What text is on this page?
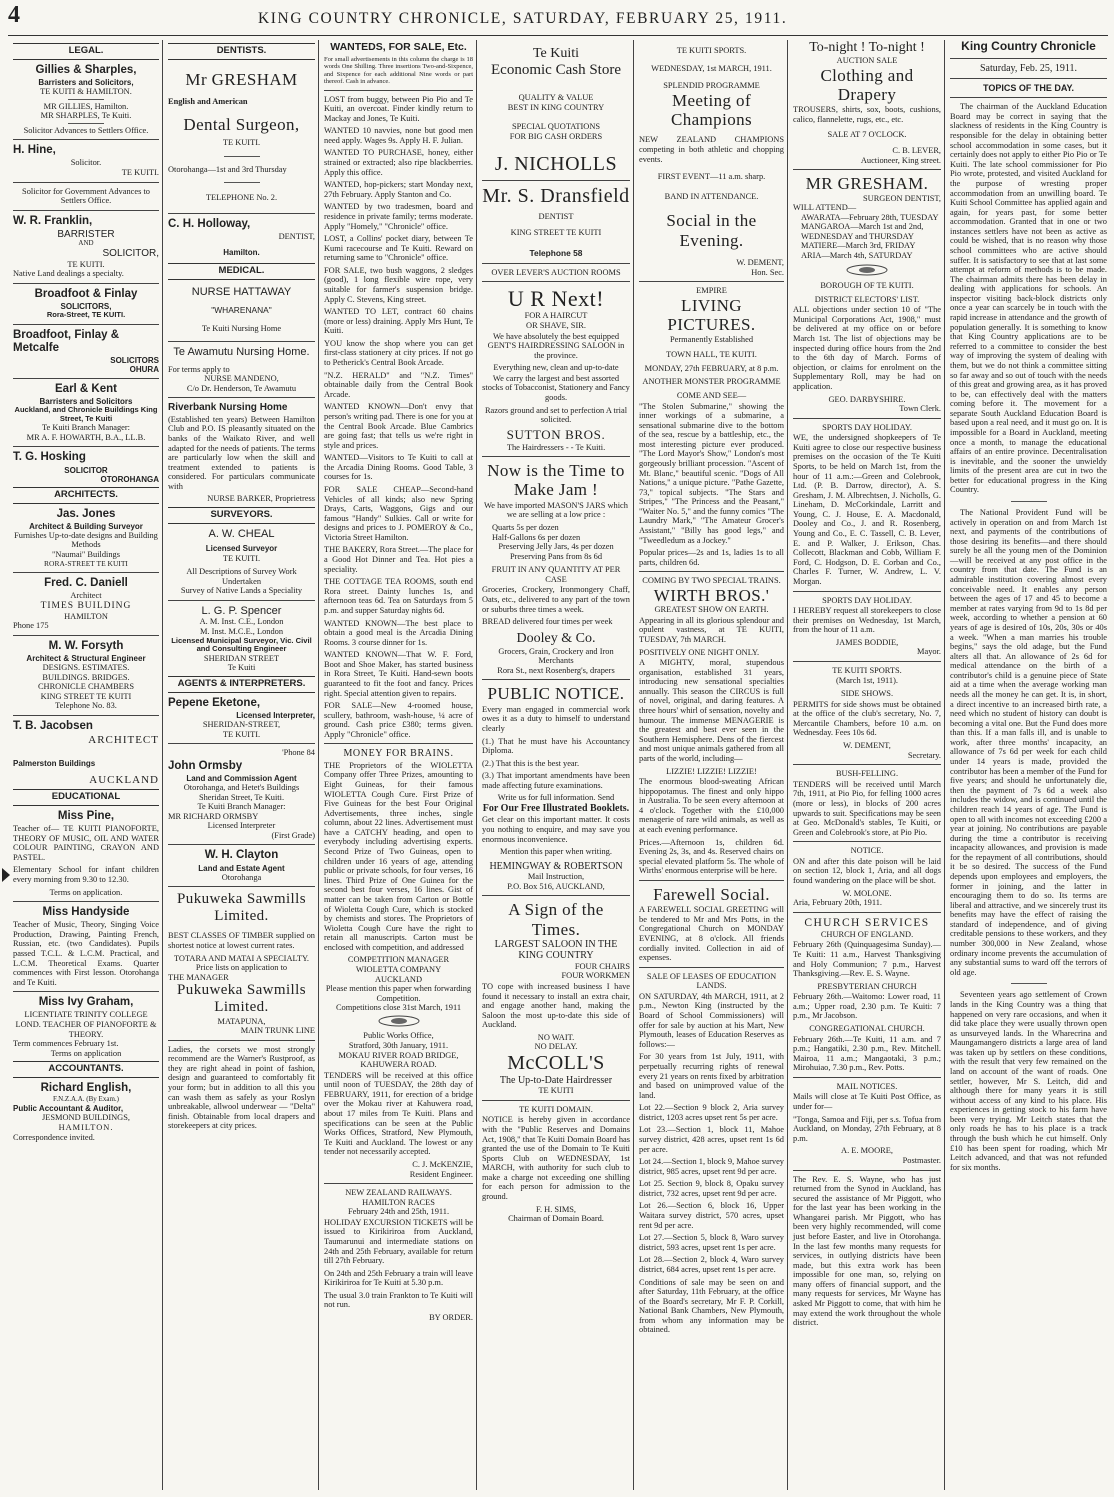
4	KING COUNTRY CHRONICLE, SATURDAY, FEBRUARY 25, 1911.
LEGAL.
Gillies & Sharples,
Barristers and Solicitors,
TE KUITI & HAMILTON.
MR GILLIES, Hamilton.
MR SHARPLES, Te Kuiti.
Solicitor Advances to Settlers Office.
H. Hine,
Solicitor.
TE KUITI.
Solicitor for Government Advances to Settlers Office.
W. R. Franklin,
BARRISTER
AND
SOLICITOR,
TE KUITI.
Native Land dealings a specialty.
Broadfoot & Finlay
SOLICITORS,
Rora-Street, TE KUITI.
Broadfoot, Finlay & Metcalfe
SOLICITORS
OHURA
Earl & Kent
Barristers and Solicitors
Auckland, and Chronicle Buildings King Street, Te Kuiti
Te Kuiti Branch Manager:
MR A. F. HOWARTH, B.A., LL.B.
T. G. Hosking
SOLICITOR
OTOROHANGA
ARCHITECTS.
Jas. Jones
Architect & Building Surveyor
Furnishes Up-to-date designs and Building Methods
"Naumai" Buildings
RORA-STREET TE KUITI
Fred. C. Daniell
Architect
TIMES BUILDING
HAMILTON
Phone 175
M. W. Forsyth
Architect & Structural Engineer
DESIGNS. ESTIMATES.
BUILDINGS. BRIDGES.
CHRONICLE CHAMBERS
KING STREET TE KUITI
Telephone No. 83.
T. B. Jacobsen
ARCHITECT
Palmerston Buildings
AUCKLAND
EDUCATIONAL
Miss Pine,

Teacher of— TE KUITI PIANOFORTE, THEORY OF MUSIC, OIL AND WATER COLOUR PAINTING, CRAYON AND PASTEL.

Elementary School for infant children every morning from 9.30 to 12.30.

Terms on application.
Miss Handyside

Teacher of Music, Theory, Singing Voice Production, Drawing, Painting French, Russian, etc. (two Candidates). Pupils passed T.C.L. & L.C.M. Practical, and L.C.M. Theoretical Exams. Quarter commences with First lesson. Otorohanga and Te Kuiti.

Miss Ivy Graham,
LICENTIATE TRINITY COLLEGE LOND. TEACHER OF PIANOFORTE & THEORY.
Term commences February 1st.
Terms on application
ACCOUNTANTS.
Richard English,
F.N.Z.A.A. (By Exam.)
Public Accountant & Auditor,
JESMOND BUILDINGS,
HAMILTON.
Correspondence invited.
DENTISTS.
Mr GRESHAM
English and American
Dental Surgeon,
TE KUITI.
Otorohanga—1st and 3rd Thursday
TELEPHONE No. 2.
C. H. Holloway,
DENTIST,
Hamilton.
MEDICAL.
NURSE HATTAWAY
"WHARENANA"
Te Kuiti Nursing Home
Te Awamutu Nursing Home.
For terms apply to
NURSE MANDENO,
C/o Dr. Henderson, Te Awamutu
Riverbank Nursing Home

(Established ten years) Between Hamilton Club and P.O. IS pleasantly situated on the banks of the Waikato River, and well adapted for the needs of patients. The terms are particularly low when the skill and treatment extended to patients is considered. For particulars communicate with

NURSE BARKER, Proprietress
SURVEYORS.
A. W. CHEAL
Licensed Surveyor
TE KUITI.
All Descriptions of Survey Work Undertaken
Survey of Native Lands a Speciality
L. G. P. Spencer
A. M. Inst. C.E., London
M. Inst. M.C.E., London
Licensed Municipal Surveyor, Vic. Civil and Consulting Engineer
SHERIDAN STREET
Te Kuiti
AGENTS & INTERPRETERS.
Pepene Eketone,
Licensed Interpreter,
SHERIDAN-STREET,
TE KUITI.
'Phone 84
John Ormsby
Land and Commission Agent
Otorohanga, and Hetet's Buildings Sheridan Street, Te Kuiti.
Te Kuiti Branch Manager:
MR RICHARD ORMSBY
Licensed Interpreter
(First Grade)
W. H. Clayton
Land and Estate Agent
Otorohanga
Pukuweka Sawmills Limited.

BEST CLASSES OF TIMBER supplied on shortest notice at lowest current rates.

TOTARA AND MATAI A SPECIALTY.
Price lists on application to
THE MANAGER
Pukuweka Sawmills Limited.
MATAPUNA,
MAIN TRUNK LINE

Ladies, the corsets we most strongly recommend are the Warner's Rustproof, as they are right ahead in point of fashion, design and guaranteed to comfortably fit your form; but in addition to all this you can wash them as safely as your Roslyn unbreakable, allwool underwear — "Delta" finish. Obtainable from local drapers and storekeepers at city prices.

WANTEDS, FOR SALE, Etc.

For small advertisements in this column the charge is 18 words One Shilling. Three insertions Two-and-Sixpence, and Sixpence for each additional Nine words or part thereof. Cash in advance.

LOST from buggy, between Pio Pio and Te Kuiti, an overcoat. Finder kindly return to Mackay and Jones, Te Kuiti.

WANTED 10 navvies, none but good men need apply. Wages 9s. Apply H. F. Julian.

WANTED TO PURCHASE, honey, either strained or extracted; also ripe blackberries. Apply this office.

WANTED, hop-pickers; start Monday next, 27th February. Apply Stanton and Co.

WANTED by two tradesmen, board and residence in private family; terms moderate. Apply "Homely," "Chronicle" office.

LOST, a Collins' pocket diary, between Te Kumi racecourse and Te Kuiti. Reward on returning same to "Chronicle" office.

FOR SALE, two bush waggons, 2 sledges (good), 1 long flexible wire rope, very suitable for farmer's suspension bridge. Apply C. Stevens, King street.

WANTED TO LET, contract 60 chains (more or less) draining. Apply Mrs Hunt, Te Kuiti.

YOU know the shop where you can get first-class stationery at city prices. If not go to Petherick's Central Book Arcade.

"N.Z. HERALD" and "N.Z. Times" obtainable daily from the Central Book Arcade.

WANTED KNOWN—Don't envy that person's writing pad. There is one for you at the Central Book Arcade. Blue Cambrics are going fast; that tells us we're right in style and prices.

WANTED—Visitors to Te Kuiti to call at the Arcadia Dining Rooms. Good Table, 3 courses for 1s.

FOR SALE CHEAP—Second-hand Vehicles of all kinds; also new Spring Drays, Carts, Waggons, Gigs and our famous "Handy" Sulkies. Call or write for designs and prices to J. POMEROY & Co., Victoria Street Hamilton.

THE BAKERY, Rora Street.—The place for a Good Hot Dinner and Tea. Hot pies a speciality.

THE COTTAGE TEA ROOMS, south end Rora street. Dainty lunches 1s, and afternoon teas 6d. Tea on Saturdays from 5 p.m. and supper Saturday nights 6d.

WANTED KNOWN—The best place to obtain a good meal is the Arcadia Dining Rooms. 3 course dinner for 1s.

WANTED KNOWN—That W. F. Ford, Boot and Shoe Maker, has started business in Rora Street, Te Kuiti. Hand-sewn boots guaranteed to fit the foot and fancy. Prices right. Special attention given to repairs.

FOR SALE—New 4-roomed house, scullery, bathroom, wash-house, ¼ acre of ground. Cash price £380; terms given. Apply "Chronicle" office.

MONEY FOR BRAINS.

THE Proprietors of the WIOLETTA Company offer Three Prizes, amounting to Eight Guineas, for their famous WIOLETTA Cough Cure. First Prize of Five Guineas for the best Four Original Advertisements, three inches, single column, about 22 lines. Advertisement must have a CATCHY heading, and open to everybody including advertising experts. Second Prize of Two Guineas, open to children under 16 years of age, attending public or private schools, for four verses, 16 lines. Third Prize of One Guinea for the second best four verses, 16 lines. Gist of matter can be taken from Carton or Bottle of Wioletta Cough Cure, which is stocked by chemists and stores. The Proprietors of Wioletta Cough Cure have the right to retain all manuscripts. Carton must be enclosed with competition, and addressed

COMPETITION MANAGER
WIOLETTA COMPANY
AUCKLAND
Please mention this paper when forwarding Competition.
Competitions close 31st March, 1911
Public Works Office,
Stratford, 30th January, 1911.
MOKAU RIVER ROAD BRIDGE, KAHUWERA ROAD.

TENDERS will be received at this office until noon of TUESDAY, the 28th day of FEBRUARY, 1911, for erection of a bridge over the Mokau river at Kahuwera road, about 17 miles from Te Kuiti. Plans and specifications can be seen at the Public Works Offices, Stratford, New Plymouth, Te Kuiti and Auckland. The lowest or any tender not necessarily accepted.

C. J. McKENZIE,
Resident Engineer.
NEW ZEALAND RAILWAYS.
HAMILTON RACES
February 24th and 25th, 1911.

HOLIDAY EXCURSION TICKETS will be issued to Kirikiriroa from Auckland, Taumarunui and intermediate stations on 24th and 25th February, available for return till 27th February.

On 24th and 25th February a train will leave Kirikiriroa for Te Kuiti at 5.30 p.m.

The usual 3.0 train Frankton to Te Kuiti will not run.

BY ORDER.
Te Kuiti
Economic Cash Store
QUALITY & VALUE
BEST IN KING COUNTRY
SPECIAL QUOTATIONS
FOR BIG CASH ORDERS
J. NICHOLLS
Mr. S. Dransfield
DENTIST
KING STREET TE KUITI
Telephone 58
OVER LEVER'S AUCTION ROOMS
U R Next!
FOR A HAIRCUT
OR SHAVE, SIR.

We have absolutely the best equipped GENT'S HAIRDRESSING SALOON in the province.

Everything new, clean and up-to-date

We carry the largest and best assorted stocks of Tobacconist, Stationery and Fancy goods.

Razors ground and set to perfection A trial solicited.

SUTTON BROS.
The Hairdressers - - Te Kuiti.
Now is the Time to Make Jam !

We have imported MASON'S JARS which we are selling at a low price :

Quarts 5s per dozen
Half-Gallons 6s per dozen
Preserving Jelly Jars, 4s per dozen
Preserving Pans from 8s 6d
FRUIT IN ANY QUANTITY AT PER CASE

Groceries, Crockery, Ironmongery Chaff, Oats, etc., delivered to any part of the town or suburbs three times a week.

BREAD delivered four times per week
Dooley & Co.
Grocers, Grain, Crockery and Iron Merchants
Rora St., next Rosenberg's, drapers
PUBLIC NOTICE.

Every man engaged in commercial work owes it as a duty to himself to understand clearly

(1.) That he must have his Accountancy Diploma.

(2.) That this is the best year.

(3.) That important amendments have been made affecting future examinations.

Write us for full information. Send
For Our Free Illustrated Booklets.

Get clear on this important matter. It costs you nothing to enquire, and may save you enormous inconvenience.

Mention this paper when writing.
HEMINGWAY & ROBERTSON
Mail Instruction,
P.O. Box 516, AUCKLAND,
A Sign of the Times.
LARGEST SALOON IN THE KING COUNTRY
FOUR CHAIRS
FOUR WORKMEN

TO cope with increased business I have found it necessary to install an extra chair, and engage another hand, making the Saloon the most up-to-date this side of Auckland.

NO WAIT.
NO DELAY.
McCOLL'S
The Up-to-Date Hairdresser
TE KUITI
TE KUITI DOMAIN.

NOTICE is hereby given in accordance with the "Public Reserves and Domains Act, 1908," that Te Kuiti Domain Board has granted the use of the Domain to Te Kuiti Sports Club on WEDNESDAY, 1st MARCH, with authority for such club to make a charge not exceeding one shilling for each person for admission to the ground.

F. H. SIMS,
Chairman of Domain Board.
TE KUITI SPORTS.
WEDNESDAY, 1st MARCH, 1911.
SPLENDID PROGRAMME
Meeting of Champions

NEW ZEALAND CHAMPIONS competing in both athletic and chopping events.

FIRST EVENT—11 a.m. sharp.
BAND IN ATTENDANCE.
Social in the Evening.
W. DEMENT,
Hon. Sec.
EMPIRE
LIVING PICTURES.
Permanently Established
TOWN HALL, TE KUITI.
MONDAY, 27th FEBRUARY, at 8 p.m.
ANOTHER MONSTER PROGRAMME
COME AND SEE—

"The Stolen Submarine," showing the inner workings of a submarine, a sensational submarine dive to the bottom of the sea, rescue by a battleship, etc., the most interesting picture ever produced. "The Lord Mayor's Show," London's most gorgeously brilliant procession. "Ascent of Mt. Blanc," beautiful scenic. "Dogs of All Nations," a unique picture. "Pathe Gazette, 73," topical subjects. "The Stars and Stripes," "The Princess and the Peasant," "Waiter No. 5," and the funny comics "The Laundry Mark," "The Amateur Grocer's Assistant," "Billy has good legs," and "Tweedledum as a Jockey."

Popular prices—2s and 1s, ladies 1s to all parts, children 6d.

COMING BY TWO SPECIAL TRAINS.
WIRTH BROS.'
GREATEST SHOW ON EARTH.

Appearing in all its glorious splendour and opulent vastness, at TE KUITI, TUESDAY, 7th MARCH.

POSITIVELY ONE NIGHT ONLY.

A MIGHTY, moral, stupendous organisation, established 31 years, introducing new sensational specialties annually. This season the CIRCUS is full of novel, original, and daring features. A three hours' whirl of sensation, novelty and humour. The immense MENAGERIE is the greatest and best ever seen in the Southern Hemisphere. Dens of the fiercest and most unique animals gathered from all parts of the world, including—

LIZZIE! LIZZIE! LIZZIE!

The enormous blood-sweating African hippopotamus. The finest and only hippo in Australia. To be seen every afternoon at 4 o'clock. Together with the £10,000 menagerie of rare wild animals, as well as at each evening performance.

Prices.—Afternoon 1s, children 6d. Evening 2s, 3s, and 4s. Reserved chairs on special elevated platform 5s. The whole of Wirths' enormous enterprise will be here.

Farewell Social.

A FAREWELL SOCIAL GREETING will be tendered to Mr and Mrs Potts, in the Congregational Church on MONDAY EVENING, at 8 o'clock. All friends cordially invited. Collection in aid of expenses.

SALE OF LEASES OF EDUCATION LANDS.

ON SATURDAY, 4th MARCH, 1911, at 2 p.m., Newton King (instructed by the Board of School Commissioners) will offer for sale by auction at his Mart, New Plymouth, leases of Education Reserves as follows:—

For 30 years from 1st July, 1911, with perpetually recurring rights of renewal every 21 years on rents fixed by arbitration and based on unimproved value of the land.

Lot 22.—Section 9 block 2, Aria survey district, 1203 acres upset rent 5s per acre.

Lot 23.—Section 1, block 11, Mahoe survey district, 428 acres, upset rent 1s 6d per acre.

Lot 24.—Section 1, block 9, Mahoe survey district, 985 acres, upset rent 9d per acre.

Lot 25. Section 9, block 8, Opaku survey district, 732 acres, upset rent 9d per acre.

Lot 26.—Section 6, block 16, Upper Waitara survey district, 570 acres, upset rent 9d per acre.

Lot 27.—Section 5, block 8, Waro survey district, 593 acres, upset rent 1s per acre.

Lot 28.—Section 2, block 4, Waro survey district, 684 acres, upset rent 1s per acre.

Conditions of sale may be seen on and after Saturday, 11th February, at the office of the Board's secretary, Mr F. P. Corkill, National Bank Chambers, New Plymouth, from whom any information may be obtained.

To-night ! To-night !
AUCTION SALE
Clothing and Drapery

TROUSERS, shirts, sox, boots, cushions, calico, flannelette, rugs, etc., etc.

SALE AT 7 O'CLOCK.
C. B. LEVER,
Auctioneer, King street.
MR GRESHAM.
SURGEON DENTIST,
WILL ATTEND—
AWARATA—February 28th, TUESDAY
MANGAROA—March 1st and 2nd, WEDNESDAY and THURSDAY
MATIERE—March 3rd, FRIDAY
ARIA—March 4th, SATURDAY
BOROUGH OF TE KUITI.
DISTRICT ELECTORS' LIST.

ALL objections under section 10 of "The Municipal Corporations Act, 1908," must be delivered at my office on or before March 1st. The list of objections may be inspected during office hours from the 2nd to the 6th day of March. Forms of objection, or claims for enrolment on the Supplementary Roll, may be had on application.

GEO. DARBYSHIRE.
Town Clerk.
SPORTS DAY HOLIDAY.

WE, the undersigned shopkeepers of Te Kuiti agree to close our respective business premises on the occasion of the Te Kuiti Sports, to be held on March 1st, from the hour of 11 a.m.:—Green and Colebrook, Ltd. (P. B. Darrow, director), A. S. Gresham, J. M. Albrechtsen, J. Nicholls, G. Lineham, D. McCorkindale, Larritt and Young, C. J. House, E. A. Macdonald, Dooley and Co., J. and R. Rosenberg, Young and Co., E. C. Tassell, C. B. Lever, E. and P. Walker, J. Erikson, Chas. Collecott, Blackman and Cobb, William F. Ford, C. Hodgson, D. E. Corban and Co., Charles F. Turner, W. Andrew, L. V. Morgan.

SPORTS DAY HOLIDAY.

I HEREBY request all storekeepers to close their premises on Wednesday, 1st March, from the hour of 11 a.m.

JAMES BODDIE,
Mayor.
TE KUITI SPORTS.
(March 1st, 1911).
SIDE SHOWS.

PERMITS for side shows must be obtained at the office of the club's secretary, No. 7, Mercantile Chambers, before 10 a.m. on Wednesday. Fees 10s 6d.

W. DEMENT,
Secretary.
BUSH-FELLING.

TENDERS will be received until March 7th, 1911, at Pio Pio, for felling 1000 acres (more or less), in blocks of 200 acres upwards to suit. Specifications may be seen at Geo. McDonald's stables, Te Kuiti, or Green and Colebrook's store, at Pio Pio.

NOTICE.

ON and after this date poison will be laid on section 12, block 1, Aria, and all dogs found wandering on the place will be shot.

W. MOLONE.
Aria, February 20th, 1911.
CHURCH SERVICES
CHURCH OF ENGLAND.

February 26th (Quinquagesima Sunday).—Te Kuiti: 11 a.m., Harvest Thanksgiving and Holy Communion; 7 p.m., Harvest Thanksgiving.—Rev. E. S. Wayne.

PRESBYTERIAN CHURCH

February 26th.—Waitomo: Lower road, 11 a.m.; Upper road, 2.30 p.m. Te Kuiti: 7 p.m., Mr Jacobson.

CONGREGATIONAL CHURCH.

February 26th.—Te Kuiti, 11 a.m. and 7 p.m.; Hangatiki, 2.30 p.m., Rev. Mitchell. Mairoa, 11 a.m.; Mangaotaki, 3 p.m.; Mirohuiao, 7.30 p.m., Rev. Potts.

MAIL NOTICES.

Mails will close at Te Kuiti Post Office, as under for—

"Tonga, Samoa and Fiji, per s.s. Tofua from Auckland, on Monday, 27th February, at 8 p.m.

A. E. MOORE,
Postmaster.

The Rev. E. S. Wayne, who has just returned from the Synod in Auckland, has secured the assistance of Mr Piggott, who for the last year has been working in the Whangarei parish. Mr Piggott, who has been very highly recommended, will come just before Easter, and live in Otorohanga. In the last few months many requests for services, in outlying districts have been made, but this extra work has been impossible for one man, so, relying on many offers of financial support, and the many requests for services, Mr Wayne has asked Mr Piggott to come, that with him he may extend the work throughout the whole district.

King Country Chronicle
Saturday, Feb. 25, 1911.
TOPICS OF THE DAY.

The chairman of the Auckland Education Board may be correct in saying that the slackness of residents in the King Country is responsible for the delay in obtaining better school accommodation in some cases, but it certainly does not apply to either Pio Pio or Te Kuiti. The late school commissioner for Pio Pio wrote, protested, and visited Auckland for the purpose of wresting proper accommodation from an unwilling board. Te Kuiti School Committee has applied again and again, for years past, for some better accommodation. Granted that in one or two instances settlers have not been as active as could be wished, that is no reason why those school committees who are active should suffer. It is satisfactory to see that at last some attempt at reform of methods is to be made. The chairman admits there has been delay in dealing with applications for schools. An inspector visiting back-block districts only once a year can scarcely be in touch with the rapid increase in attendance and the growth of population generally. It is something to know that King Country applications are to be referred to a committee to consider the best way of improving the system of dealing with them, but we do not think a committee sitting so far away and so out of touch with the needs of this great and growing area, as it has proved to be, can effectively deal with the matters coming before it. The movement for a separate South Auckland Education Board is based upon a real need, and it must go on. It is impossible for a Board in Auckland, meeting once a month, to manage the educational affairs of an entire province. Decentralisation is inevitable, and the sooner the unwieldy limits of the present area are cut in two the better for educational progress in the King Country.

The National Provident Fund will be actively in operation on and from March 1st next, and payments of the contributions of those desiring its benefits—and there should surely be all the young men of the Dominion—will be received at any post office in the country from that date. The Fund is an admirable institution covering almost every conceivable need. It enables any person between the ages of 17 and 45 to become a member at rates varying from 9d to 1s 8d per week, according to whether a pension at 60 years of age is desired of 10s, 20s, 30s or 40s a week. "When a man marries his trouble begins," says the old adage, but the Fund alters all that. An allowance of 2s 6d for medical attendance on the birth of a contributor's child is a genuine piece of State aid at a time when the average working man needs all the money he can get. It is, in short, a direct incentive to an increased birth rate, a need which no student of history can doubt is becoming a vital one. But the Fund does more than this. If a man falls ill, and is unable to work, after three months' incapacity, an allowance of 7s 6d per week for each child under 14 years is made, provided the contributor has been a member of the Fund for five years; and should he unfortunately die, then the payment of 7s 6d a week also includes the widow, and is continued until the children reach 14 years of age. The Fund is open to all with incomes not exceeding £200 a year at joining. No contributions are payable during the time a contributor is receiving incapacity allowances, and provision is made for the repayment of all contributions, should it be so desired. The success of the Fund depends upon employees and employers, the former in joining, and the latter in encouraging them to do so. Its terms are liberal and attractive, and we sincerely trust its benefits may have the effect of raising the standard of independence, and of giving creditable pensions to these workers, and they number 300,000 in New Zealand, whose ordinary income prevents the accumulation of any substantial sums to ward off the terrors of old age.

Seventeen years ago settlement of Crown lands in the King Country was a thing that happened on very rare occasions, and when it did take place they were usually thrown open as unsurveyed lands. In the Wharecrina and Maungamangero districts a large area of land was taken up by settlers on these conditions, with the result that very few remained on the land on account of the want of roads. One settler, however, Mr S. Leitch, did and although there for many years it is still without access of any kind to his place. His experiences in getting stock to his farm have been very trying. Mr Leitch states that the only roads he has to his place is a track through the bush which he cut himself. Only £10 has been spent for roading, which Mr Leitch advanced, and that was not refunded for six months.
